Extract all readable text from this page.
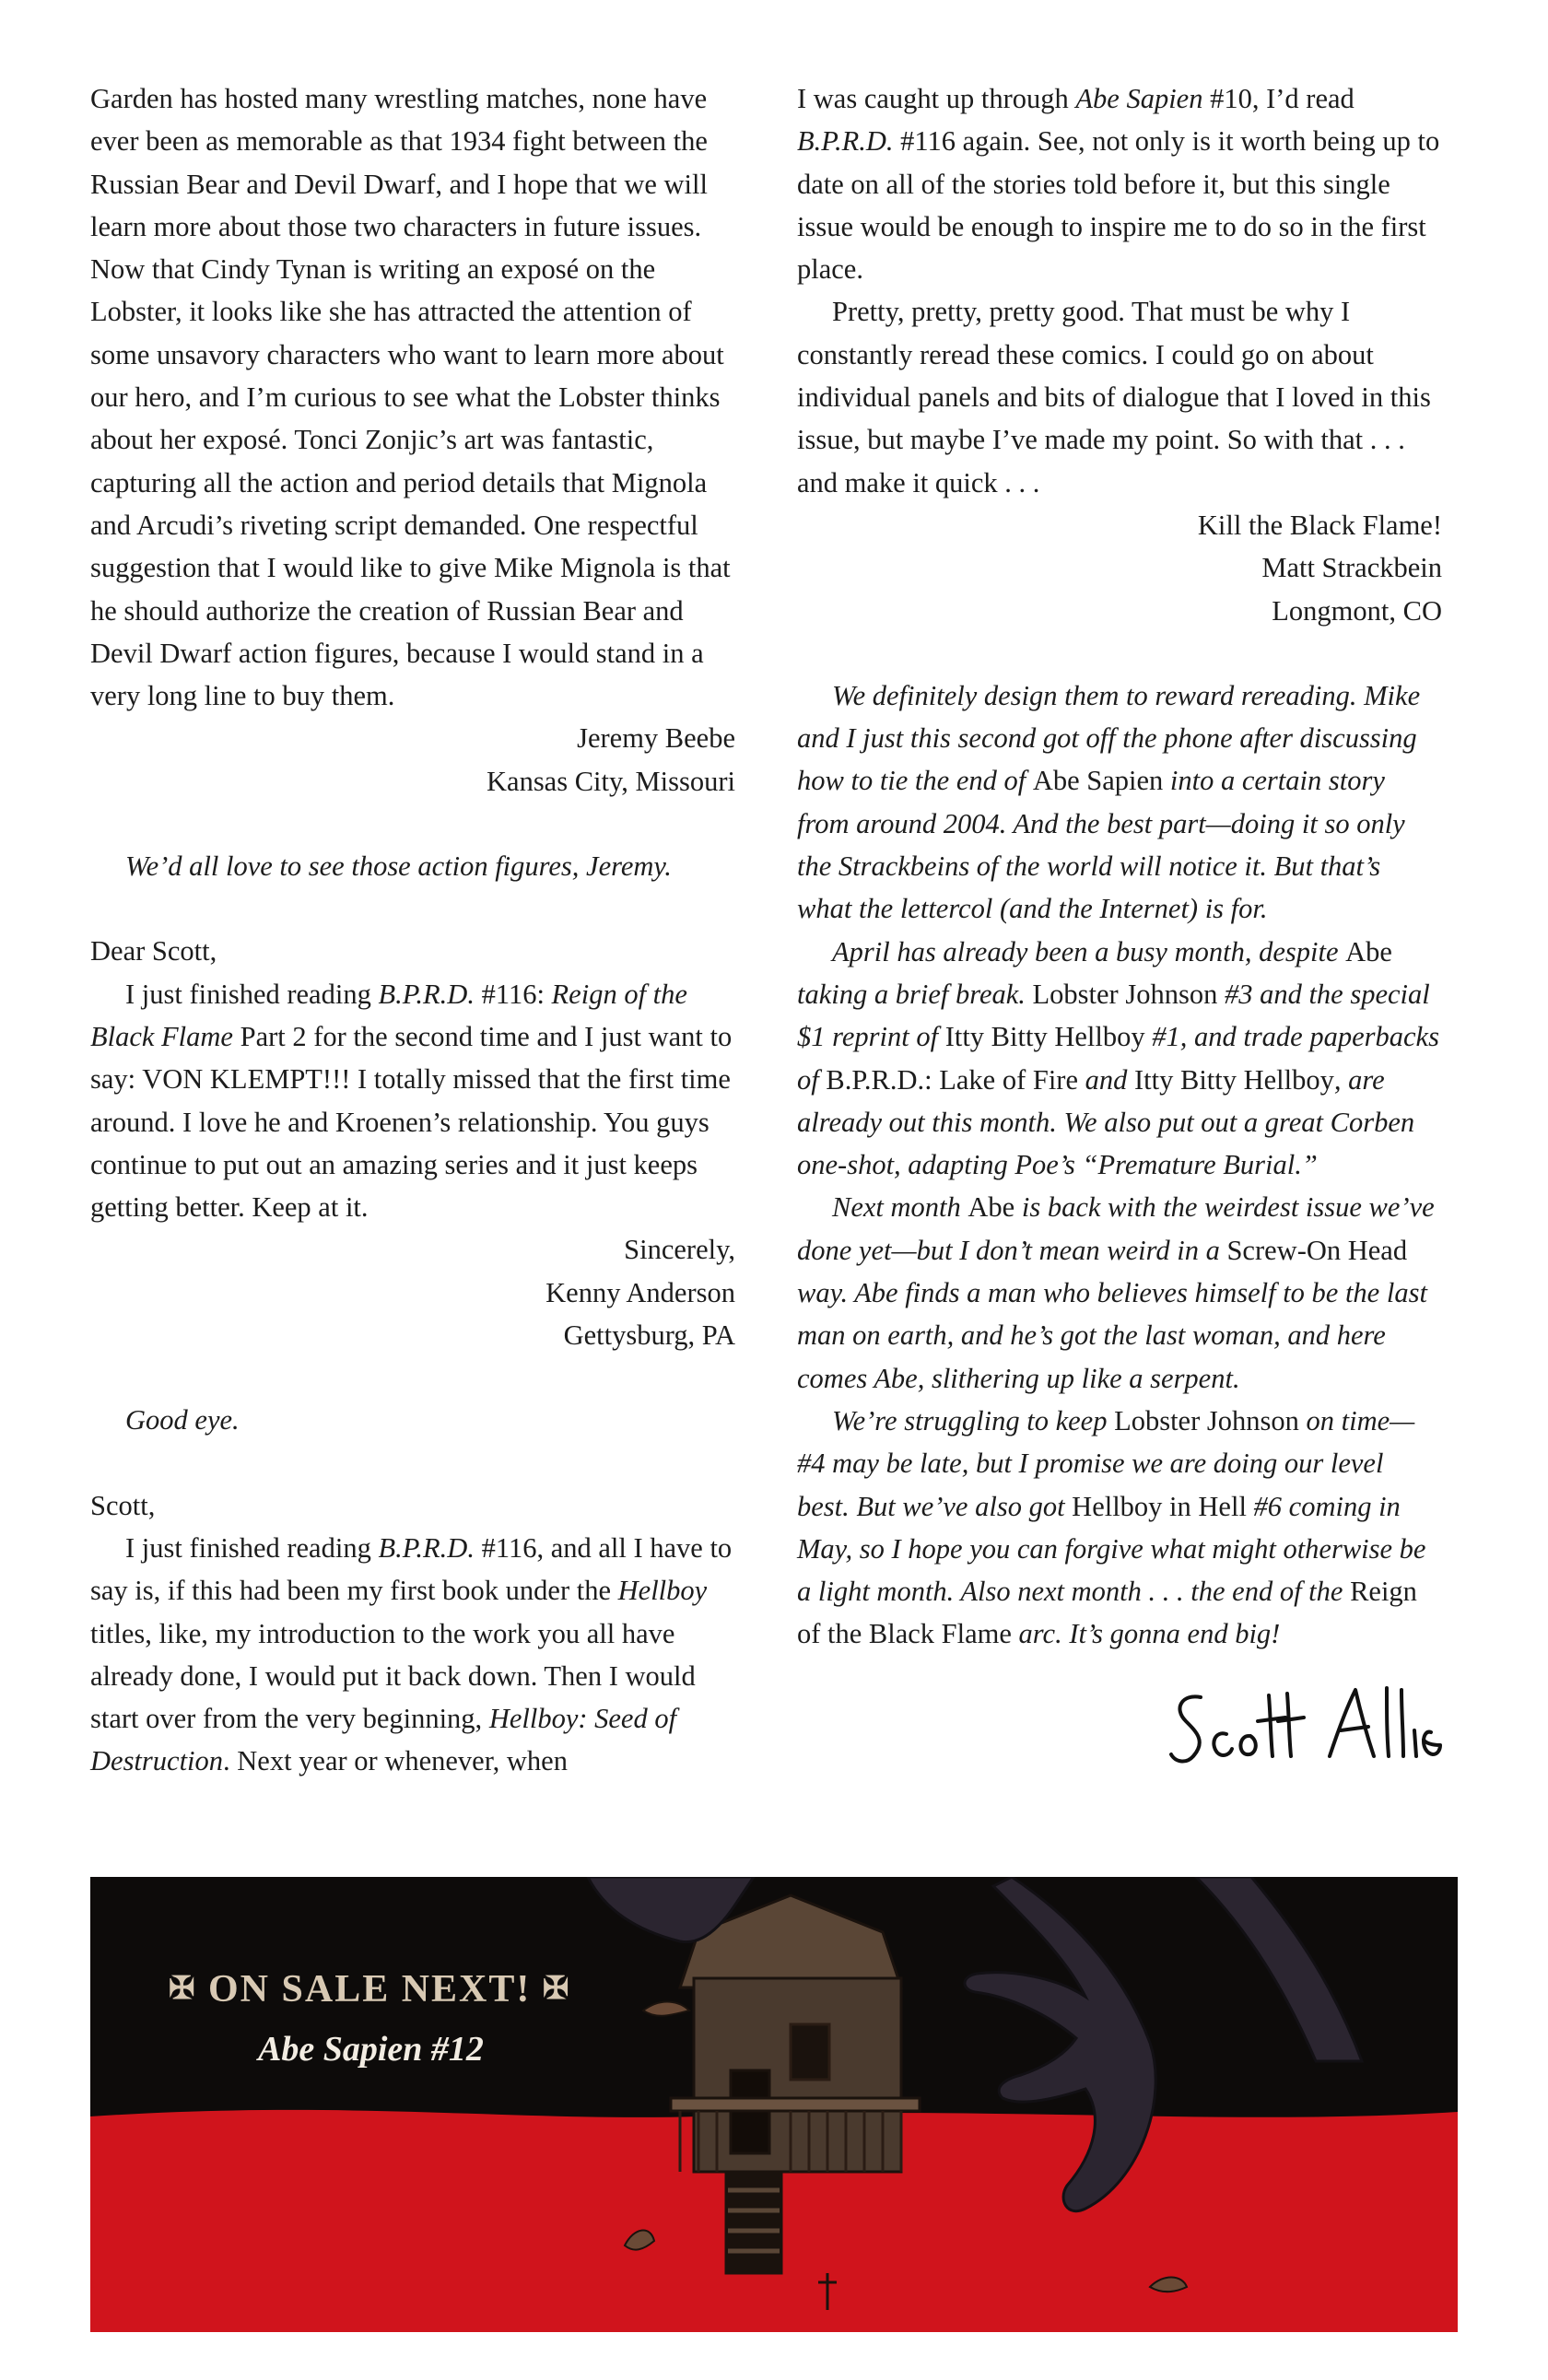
Garden has hosted many wrestling matches, none have ever been as memorable as that 1934 fight between the Russian Bear and Devil Dwarf, and I hope that we will learn more about those two characters in future issues. Now that Cindy Tynan is writing an exposé on the Lobster, it looks like she has attracted the attention of some unsavory characters who want to learn more about our hero, and I’m curious to see what the Lobster thinks about her exposé. Tonci Zonjic’s art was fantastic, capturing all the action and period details that Mignola and Arcudi’s riveting script demanded. One respectful suggestion that I would like to give Mike Mignola is that he should authorize the creation of Russian Bear and Devil Dwarf action figures, because I would stand in a very long line to buy them.

Jeremy Beebe

Kansas City, Missouri

We’d all love to see those action figures, Jeremy.

Dear Scott,

I just finished reading B.P.R.D. #116: Reign of the Black Flame Part 2 for the second time and I just want to say: VON KLEMPT!!! I totally missed that the first time around. I love he and Kroenen’s relationship. You guys continue to put out an amazing series and it just keeps getting better. Keep at it.

Sincerely,

Kenny Anderson

Gettysburg, PA

Good eye.

Scott,

I just finished reading B.P.R.D. #116, and all I have to say is, if this had been my first book under the Hellboy titles, like, my introduction to the work you all have already done, I would put it back down. Then I would start over from the very beginning, Hellboy: Seed of Destruction. Next year or whenever, when

I was caught up through Abe Sapien #10, I’d read B.P.R.D. #116 again. See, not only is it worth being up to date on all of the stories told before it, but this single issue would be enough to inspire me to do so in the first place.

Pretty, pretty, pretty good. That must be why I constantly reread these comics. I could go on about individual panels and bits of dialogue that I loved in this issue, but maybe I’ve made my point. So with that . . . and make it quick . . .

Kill the Black Flame!

Matt Strackbein

Longmont, CO

We definitely design them to reward rereading. Mike and I just this second got off the phone after discussing how to tie the end of Abe Sapien into a certain story from around 2004. And the best part—doing it so only the Strackbeins of the world will notice it. But that’s what the lettercol (and the Internet) is for.

April has already been a busy month, despite Abe taking a brief break. Lobster Johnson #3 and the special $1 reprint of Itty Bitty Hellboy #1, and trade paperbacks of B.P.R.D.: Lake of Fire and Itty Bitty Hellboy, are already out this month. We also put out a great Corben one-shot, adapting Poe’s “Premature Burial.”

Next month Abe is back with the weirdest issue we’ve done yet—but I don’t mean weird in a Screw-On Head way. Abe finds a man who believes himself to be the last man on earth, and he’s got the last woman, and here comes Abe, slithering up like a serpent.

We’re struggling to keep Lobster Johnson on time—#4 may be late, but I promise we are doing our level best. But we’ve also got Hellboy in Hell #6 coming in May, so I hope you can forgive what might otherwise be a light month. Also next month . . . the end of the Reign of the Black Flame arc. It’s gonna end big!

✠ ON SALE NEXT! ✠
Abe Sapien #12
